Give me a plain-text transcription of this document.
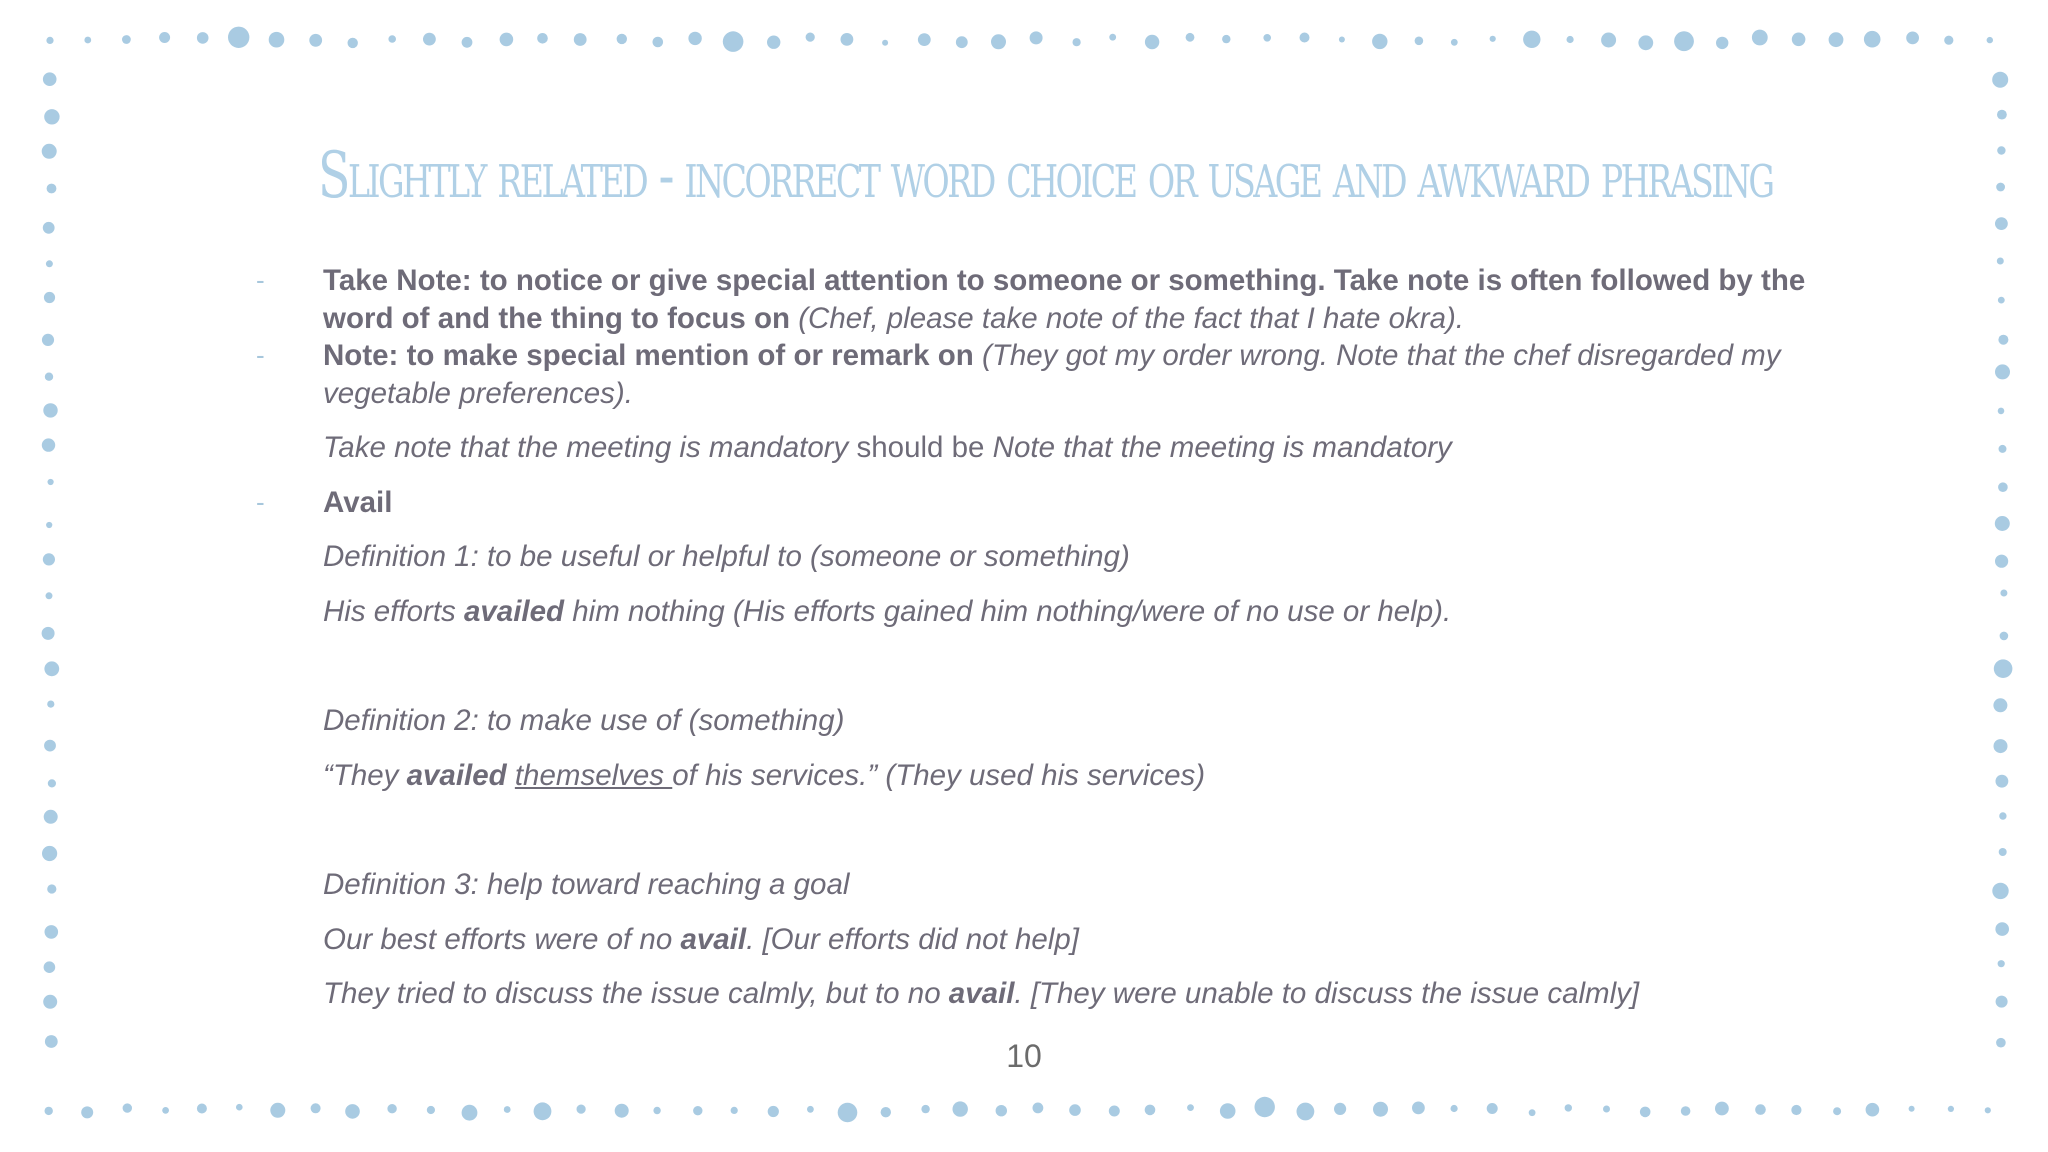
Slightly related - incorrect word choice or usage and awkward phrasing
- Take Note: to notice or give special attention to someone or something. Take note is often followed by the word of and the thing to focus on (Chef, please take note of the fact that I hate okra).
- Note: to make special mention of or remark on (They got my order wrong. Note that the chef disregarded my vegetable preferences).
Take note that the meeting is mandatory should be Note that the meeting is mandatory
- Avail
Definition 1: to be useful or helpful to (someone or something)
His efforts availed him nothing (His efforts gained him nothing/were of no use or help).
Definition 2: to make use of (something)
“They availed themselves of his services.” (They used his services)
Definition 3: help toward reaching a goal
Our best efforts were of no avail. [Our efforts did not help]
They tried to discuss the issue calmly, but to no avail. [They were unable to discuss the issue calmly]
10
